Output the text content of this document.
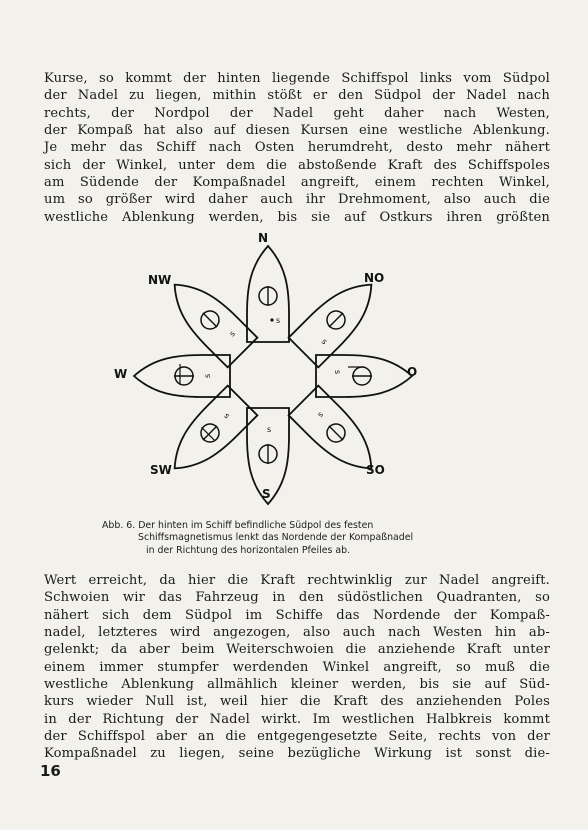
Kurse, so kommt der hinten liegende Schiffspol links vom Südpol
der Nadel zu liegen, mithin stößt er den Südpol der Nadel nach
rechts, der Nordpol der Nadel geht daher nach Westen,
der Kompaß hat also auf diesen Kursen eine westliche Ablenkung.
Je mehr das Schiff nach Osten herumdreht, desto mehr nähert
sich der Winkel, unter dem die abstoßende Kraft des Schiffspoles
am Südende der Kompaßnadel angreift, einem rechten Winkel,
um so größer wird daher auch ihr Drehmoment, also auch die
westliche Ablenkung werden, bis sie auf Ostkurs ihren größten
s
s
s
s
s
s
s
s
N
NO
O
SO
S
SW
W
NW
Abb. 6. Der hinten im Schiff befindliche Südpol des festen
Schiffsmagnetismus lenkt das Nordende der Kompaßnadel
in der Richtung des horizontalen Pfeiles ab.
Wert erreicht, da hier die Kraft rechtwinklig zur Nadel angreift.
Schwoien wir das Fahrzeug in den südöstlichen Quadranten, so
nähert sich dem Südpol im Schiffe das Nordende der Kompaß-
nadel, letzteres wird angezogen, also auch nach Westen hin ab-
gelenkt; da aber beim Weiterschwoien die anziehende Kraft unter
einem immer stumpfer werdenden Winkel angreift, so muß die
westliche Ablenkung allmählich kleiner werden, bis sie auf Süd-
kurs wieder Null ist, weil hier die Kraft des anziehenden Poles
in der Richtung der Nadel wirkt. Im westlichen Halbkreis kommt
der Schiffspol aber an die entgegengesetzte Seite, rechts von der
Kompaßnadel zu liegen, seine bezügliche Wirkung ist sonst die-
16
